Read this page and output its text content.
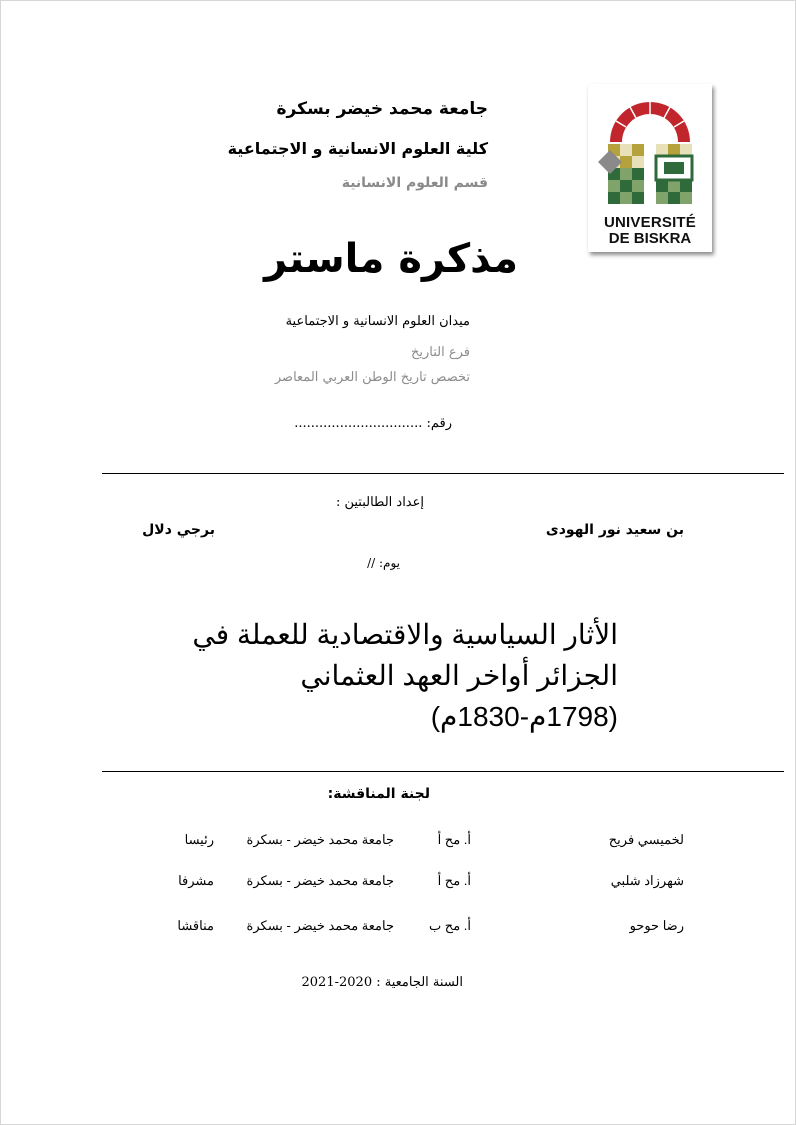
UNIVERSITÉ
DE BISKRA
جامعة محمد خيضر بسكرة
كلية العلوم الانسانية و الاجتماعية
قسم العلوم الانسانية
مذكرة ماستر
ميدان العلوم الانسانية و الاجتماعية
فرع التاريخ
تخصص تاريخ الوطن العربي المعاصر
رقم: ...............................
إعداد الطالبتين :
بن سعيد نور الهودى
برجي دلال
يوم: //
الأثار السياسية والاقتصادية للعملة في الجزائر أواخر العهد العثماني (1798م-1830م)
لجنة المناقشة:
لخميسي فريح
أ. مح أ
جامعة محمد خيضر - بسكرة
رئيسا
شهرزاد شلبي
أ. مح أ
جامعة محمد خيضر - بسكرة
مشرفا
رضا حوحو
أ. مح ب
جامعة محمد خيضر - بسكرة
مناقشا
السنة الجامعية : 2020-2021
